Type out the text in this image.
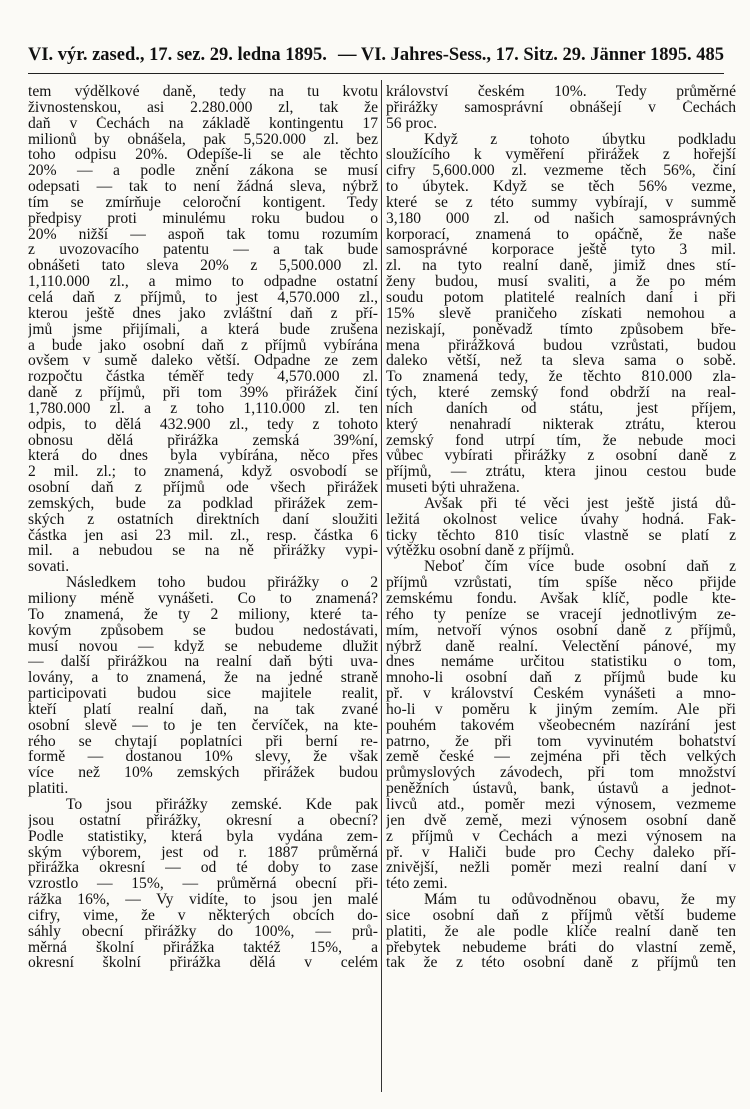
VI. výr. zased., 17. sez. 29. ledna 1895. — VI. Jahres-Sess., 17. Sitz. 29. Jänner 1895. 485
tem výdělkové daně, tedy na tu kvotu
živnostenskou, asi 2.280.000 zl, tak že
daň v Čechách na základě kontingentu 17
milionů by obnášela, pak 5,520.000 zl. bez
toho odpisu 20%. Odepíše-li se ale těchto
20% — a podle znění zákona se musí
odepsati — tak to není žádná sleva, nýbrž
tím se zmírňuje celoroční kontigent. Tedy
předpisy proti minulému roku budou o
20% nižší — aspoň tak tomu rozumím
z uvozovacího patentu — a tak bude
obnášeti tato sleva 20% z 5,500.000 zl.
1,110.000 zl., a mimo to odpadne ostatní
celá daň z příjmů, to jest 4,570.000 zl.,
kterou ještě dnes jako zvláštní daň z pří-
jmů jsme přijímali, a která bude zrušena
a bude jako osobní daň z příjmů vybírána
ovšem v sumě daleko větší. Odpadne ze zem
rozpočtu částka téměř tedy 4,570.000 zl.
daně z příjmů, při tom 39% přirážek činí
1,780.000 zl. a z toho 1,110.000 zl. ten
odpis, to dělá 432.900 zl., tedy z tohoto
obnosu dělá přirážka zemská 39%ní,
která do dnes byla vybírána, něco přes
2 mil. zl.; to znamená, když osvobodí se
osobní daň z příjmů ode všech přirážek
zemských, bude za podklad přirážek zem-
ských z ostatních direktních daní sloužiti
částka jen asi 23 mil. zl., resp. částka 6
mil. a nebudou se na ně přirážky vypi-
sovati.
Následkem toho budou přirážky o 2
miliony méně vynášeti. Co to znamená?
To znamená, že ty 2 miliony, které ta-
kovým způsobem se budou nedostávati,
musí novou — když se nebudeme dlužit
— další přirážkou na realní daň býti uva-
lovány, a to znamená, že na jedné straně
participovati budou sice majitele realit,
kteří platí realní daň, na tak zvané
osobní slevě — to je ten červíček, na kte-
rého se chytají poplatníci při berní re-
formě — dostanou 10% slevy, že však
více než 10% zemských přirážek budou
platiti.
To jsou přirážky zemské. Kde pak
jsou ostatní přirážky, okresní a obecní?
Podle statistiky, která byla vydána zem-
ským výborem, jest od r. 1887 průměrná
přirážka okresní — od té doby to zase
vzrostlo — 15%, — průměrná obecní při-
rážka 16%, — Vy vidíte, to jsou jen malé
cifry, vime, že v některých obcích do-
sáhly obecní přirážky do 100%, — prů-
měrná školní přirážka taktéž 15%, a
okresní školní přirážka dělá v celém
království českém 10%. Tedy průměrné
přirážky samosprávní obnášejí v Čechách
56 proc.
Když z tohoto úbytku podkladu
sloužícího k vyměření přirážek z hořejší
cifry 5,600.000 zl. vezmeme těch 56%, činí
to úbytek. Když se těch 56% vezme,
které se z této summy vybírají, v summě
3,180 000 zl. od našich samosprávných
korporací, znamená to opáčně, že naše
samosprávné korporace ještě tyto 3 mil.
zl. na tyto realní daně, jimiž dnes stí-
ženy budou, musí svaliti, a že po mém
soudu potom platitelé realních daní i při
15% slevě praničeho získati nemohou a
neziskají, poněvadž tímto způsobem bře-
mena přirážková budou vzrůstati, budou
daleko větší, než ta sleva sama o sobě.
To znamená tedy, že těchto 810.000 zla-
tých, které zemský fond obdrží na real-
ních daních od státu, jest příjem,
který nenahradí nikterak ztrátu, kterou
zemský fond utrpí tím, že nebude moci
vůbec vybírati přirážky z osobní daně z
příjmů, — ztrátu, ktera jinou cestou bude
museti býti uhražena.
Avšak při té věci jest ještě jistá dů-
ležitá okolnost velice úvahy hodná. Fak-
ticky těchto 810 tisíc vlastně se platí z
výtěžku osobní daně z příjmů.
Neboť čím více bude osobní daň z
příjmů vzrůstati, tím spíše něco přijde
zemskému fondu. Avšak klíč, podle kte-
rého ty peníze se vracejí jednotlivým ze-
mím, netvoří výnos osobní daně z příjmů,
nýbrž daně realní. Velectění pánové, my
dnes nemáme určitou statistiku o tom,
mnoho-li osobní daň z příjmů bude ku
př. v království Českém vynášeti a mno-
ho-li v poměru k jiným zemím. Ale při
pouhém takovém všeobecném nazírání jest
patrno, že při tom vyvinutém bohatství
země české — zejména při těch velkých
průmyslových závodech, při tom množství
peněžních ústavů, bank, ústavů a jednot-
livců atd., poměr mezi výnosem, vezmeme
jen dvě země, mezi výnosem osobní daně
z příjmů v Čechách a mezi výnosem na
př. v Haliči bude pro Čechy daleko pří-
znivější, nežli poměr mezi realní daní v
této zemi.
Mám tu odůvodněnou obavu, že my
sice osobní daň z příjmů větší budeme
platiti, že ale podle klíče realní daně ten
přebytek nebudeme bráti do vlastní země,
tak že z této osobní daně z příjmů ten
